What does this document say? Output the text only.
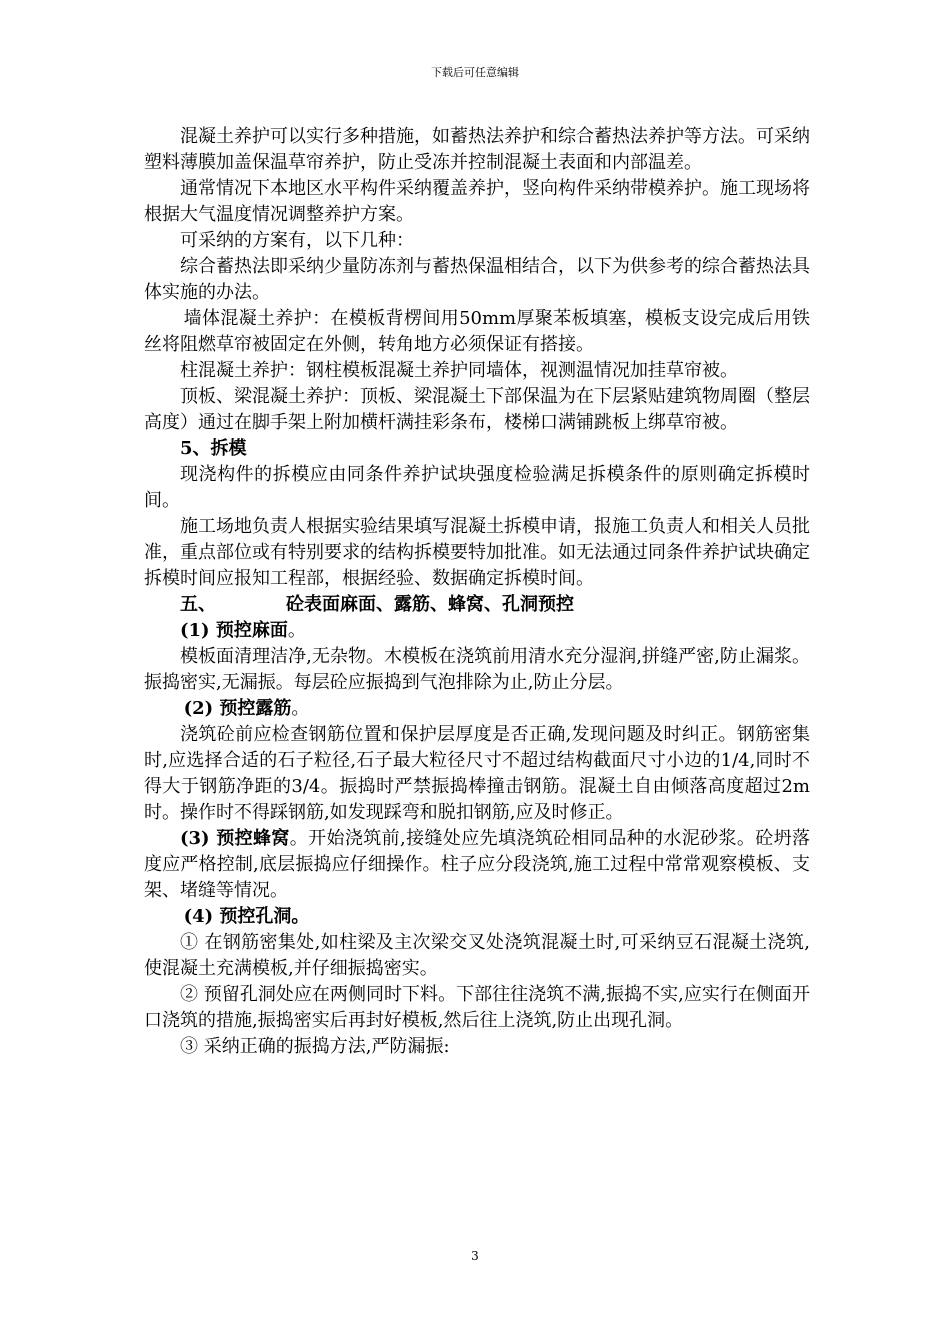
下载后可任意编辑

混凝土养护可以实行多种措施，如蓄热法养护和综合蓄热法养护等方法。可采纳塑料薄膜加盖保温草帘养护，防止受冻并控制混凝土表面和内部温差。

通常情况下本地区水平构件采纳覆盖养护，竖向构件采纳带模养护。施工现场将根据大气温度情况调整养护方案。

可采纳的方案有，以下几种：

综合蓄热法即采纳少量防冻剂与蓄热保温相结合，以下为供参考的综合蓄热法具体实施的办法。

墙体混凝土养护：在模板背楞间用50mm厚聚苯板填塞，模板支设完成后用铁丝将阻燃草帘被固定在外侧，转角地方必须保证有搭接。

柱混凝土养护：钢柱模板混凝土养护同墙体，视测温情况加挂草帘被。

顶板、梁混凝土养护：顶板、梁混凝土下部保温为在下层紧贴建筑物周圈（整层高度）通过在脚手架上附加横杆满挂彩条布，楼梯口满铺跳板上绑草帘被。

5、拆模

现浇构件的拆模应由同条件养护试块强度检验满足拆模条件的原则确定拆模时间。

施工场地负责人根据实验结果填写混凝土拆模申请，报施工负责人和相关人员批准，重点部位或有特别要求的结构拆模要特加批准。如无法通过同条件养护试块确定拆模时间应报知工程部，根据经验、数据确定拆模时间。

五、	砼表面麻面、露筋、蜂窝、孔洞预控

(1) 预控麻面。

模板面清理洁净,无杂物。木模板在浇筑前用清水充分湿润,拼缝严密,防止漏浆。振捣密实,无漏振。每层砼应振捣到气泡排除为止,防止分层。

(2) 预控露筋。

浇筑砼前应检查钢筋位置和保护层厚度是否正确,发现问题及时纠正。钢筋密集时,应选择合适的石子粒径,石子最大粒径尺寸不超过结构截面尺寸小边的1/4,同时不得大于钢筋净距的3/4。振捣时严禁振捣棒撞击钢筋。混凝土自由倾落高度超过2m时。操作时不得踩钢筋,如发现踩弯和脱扣钢筋,应及时修正。

(3) 预控蜂窝。开始浇筑前,接缝处应先填浇筑砼相同品种的水泥砂浆。砼坍落度应严格控制,底层振捣应仔细操作。柱子应分段浇筑,施工过程中常常观察模板、支架、堵缝等情况。

(4) 预控孔洞。

① 在钢筋密集处,如柱梁及主次梁交叉处浇筑混凝土时,可采纳豆石混凝土浇筑,使混凝土充满模板,并仔细振捣密实。

② 预留孔洞处应在两侧同时下料。下部往往浇筑不满,振捣不实,应实行在侧面开口浇筑的措施,振捣密实后再封好模板,然后往上浇筑,防止出现孔洞。

③ 采纳正确的振捣方法,严防漏振:

3
